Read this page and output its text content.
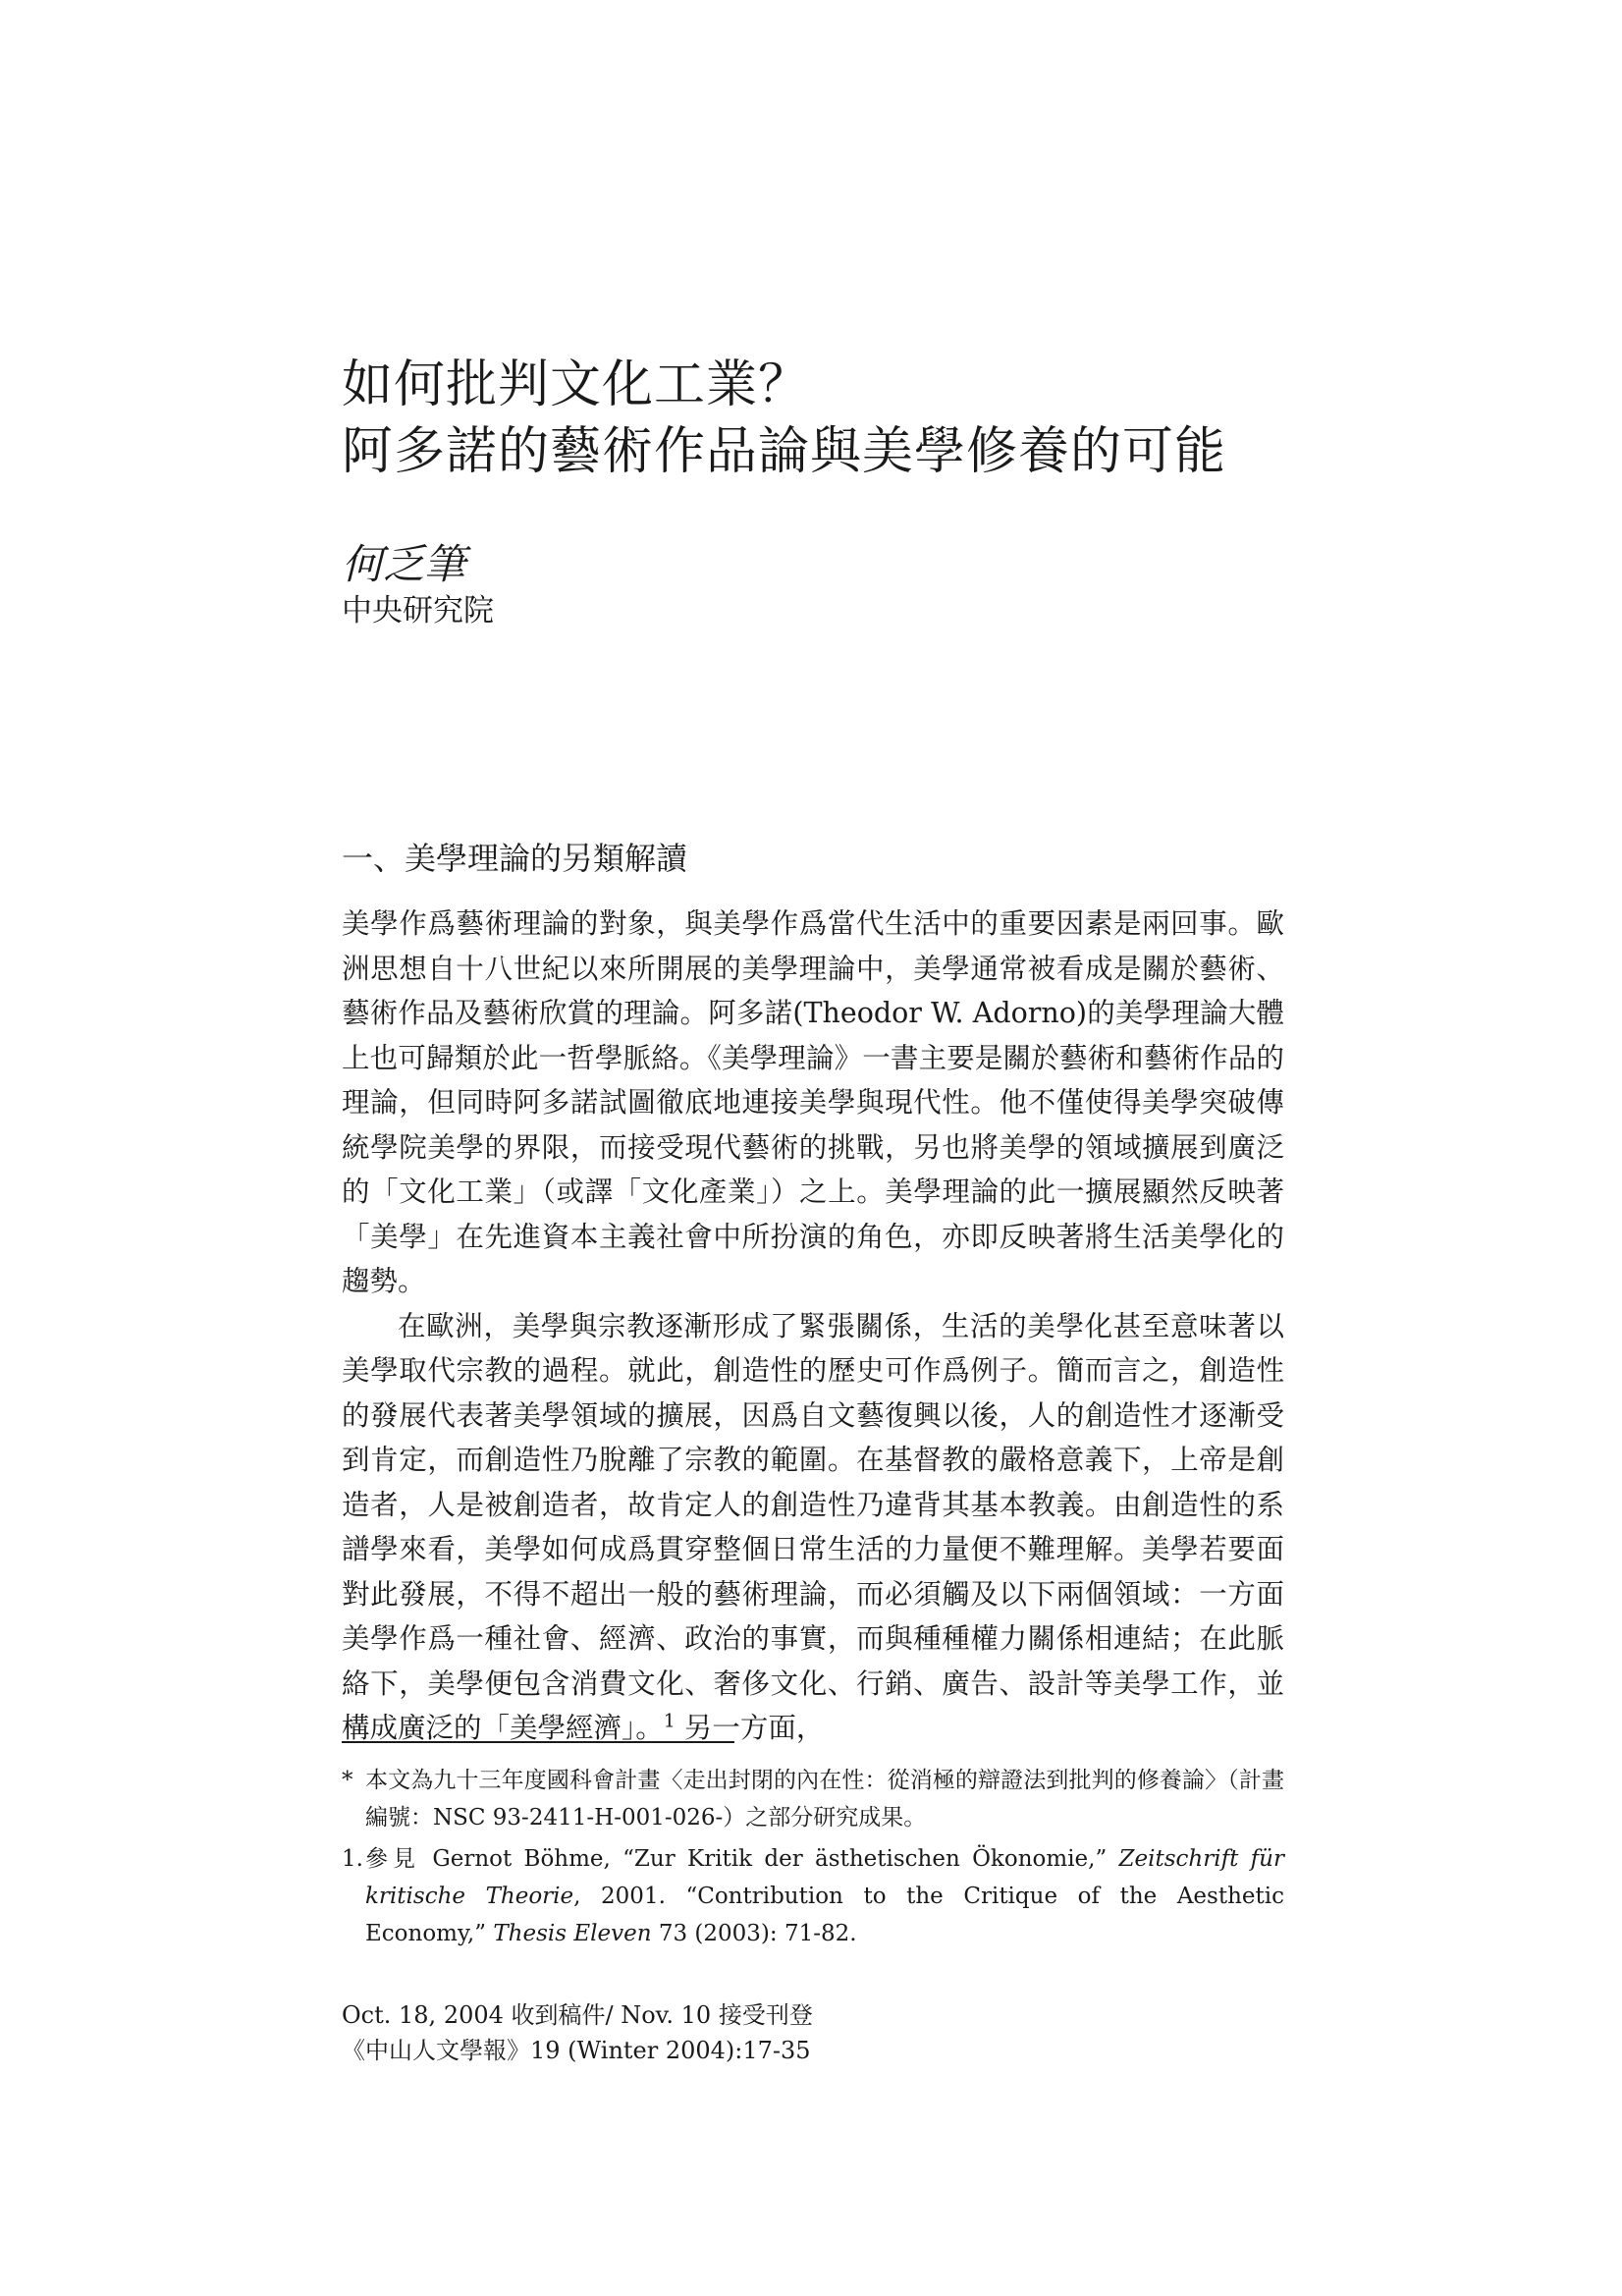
如何批判文化工業？
阿多諾的藝術作品論與美學修養的可能
何乏筆
中央研究院
一、美學理論的另類解讀

美學作爲藝術理論的對象，與美學作爲當代生活中的重要因素是兩回事。歐洲思想自十八世紀以來所開展的美學理論中，美學通常被看成是關於藝術、藝術作品及藝術欣賞的理論。阿多諾(Theodor W. Adorno)的美學理論大體上也可歸類於此一哲學脈絡。《美學理論》一書主要是關於藝術和藝術作品的理論，但同時阿多諾試圖徹底地連接美學與現代性。他不僅使得美學突破傳統學院美學的界限，而接受現代藝術的挑戰，另也將美學的領域擴展到廣泛的「文化工業」（或譯「文化產業」）之上。美學理論的此一擴展顯然反映著「美學」在先進資本主義社會中所扮演的角色，亦即反映著將生活美學化的趨勢。

在歐洲，美學與宗教逐漸形成了緊張關係，生活的美學化甚至意味著以美學取代宗教的過程。就此，創造性的歷史可作爲例子。簡而言之，創造性的發展代表著美學領域的擴展，因爲自文藝復興以後，人的創造性才逐漸受到肯定，而創造性乃脫離了宗教的範圍。在基督教的嚴格意義下，上帝是創造者，人是被創造者，故肯定人的創造性乃違背其基本教義。由創造性的系譜學來看，美學如何成爲貫穿整個日常生活的力量便不難理解。美學若要面對此發展，不得不超出一般的藝術理論，而必須觸及以下兩個領域：一方面美學作爲一種社會、經濟、政治的事實，而與種種權力關係相連結；在此脈絡下，美學便包含消費文化、奢侈文化、行銷、廣告、設計等美學工作，並構成廣泛的「美學經濟」。$^1$ 另一方面，

* 本文為九十三年度國科會計畫〈走出封閉的內在性：從消極的辯證法到批判的修養論〉（計畫編號：NSC 93-2411-H-001-026-）之部分研究成果。

1. 參見 Gernot Böhme, “Zur Kritik der ästhetischen Ökonomie,” Zeitschrift für kritische Theorie, 2001. “Contribution to the Critique of the Aesthetic Economy,” Thesis Eleven 73 (2003): 71-82.

Oct. 18, 2004 收到稿件/ Nov. 10 接受刊登
《中山人文學報》19 (Winter 2004):17-35
